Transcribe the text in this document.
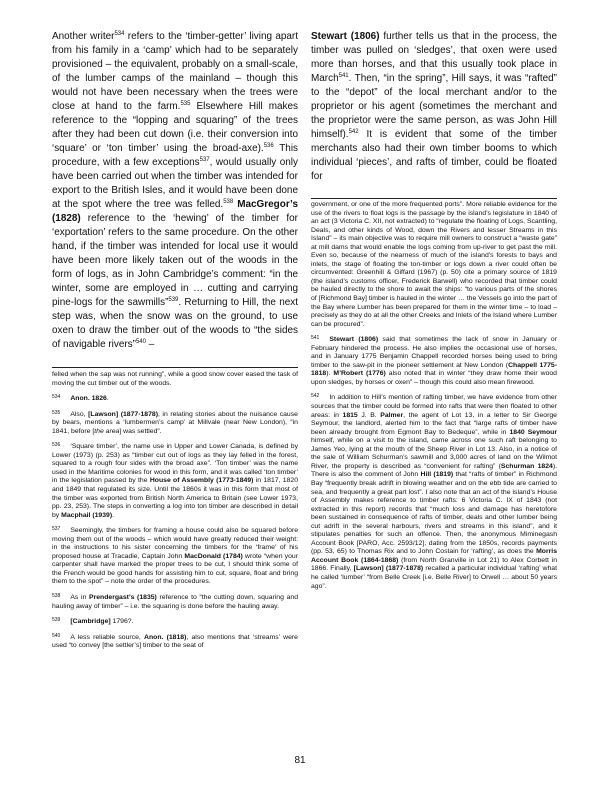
Another writer$^{534}$ refers to the ‘timber-getter’ living apart from his family in a ‘camp’ which had to be separately provisioned – the equivalent, probably on a small-scale, of the lumber camps of the mainland – though this would not have been necessary when the trees were close at hand to the farm.$^{535}$ Elsewhere Hill makes reference to the “lopping and squaring” of the trees after they had been cut down (i.e. their conversion into ‘square’ or ‘ton timber’ using the broad-axe).$^{536}$ This procedure, with a few exceptions$^{537}$, would usually only have been carried out when the timber was intended for export to the British Isles, and it would have been done at the spot where the tree was felled.$^{538}$ MacGregor’s (1828) reference to the ‘hewing’ of the timber for ‘exportation’ refers to the same procedure. On the other hand, if the timber was intended for local use it would have been more likely taken out of the woods in the form of logs, as in John Cambridge’s comment: “in the winter, some are employed in … cutting and carrying pine-logs for the sawmills”$^{539}$. Returning to Hill, the next step was, when the snow was on the ground, to use oxen to draw the timber out of the woods to “the sides of navigable rivers”$^{540}$ –

felled when the sap was not running”, while a good snow cover eased the task of moving the cut timber out of the woods.

$^{534}$ Anon. 1826.

$^{535}$ Also, [Lawson] (1877-1878), in relating stories about the nuisance cause by bears, mentions a ‘lumbermen’s camp’ at Millvale (near New London), “in 1841, before [the area] was settled”.

$^{536}$ ‘Square timber’, the name use in Upper and Lower Canada, is defined by Lower (1973) (p. 253) as “timber cut out of logs as they lay felled in the forest, squared to a rough four sides with the broad axe”. ‘Ton timber’ was the name used in the Maritime colonies for wood in this form, and it was called ‘ton timber’ in the legislation passed by the House of Assembly (1773-1849) in 1817, 1820 and 1849 that regulated its size. Until the 1860s it was in this form that most of the timber was exported from British North America to Britain (see Lower 1973, pp. 23, 253). The steps in converting a log into ton timber are described in detail by Macphail (1939).

$^{537}$ Seemingly, the timbers for framing a house could also be squared before moving them out of the woods – which would have greatly reduced their weight: in the instructions to his sister concerning the timbers for the ‘frame’ of his proposed house at Tracadie, Captain John MacDonald (1784) wrote “when your carpenter shall have marked the proper trees to be cut, I should think some of the French would be good hands for assisting him to cut, square, float and bring them to the spot” – note the order of the procedures.

$^{538}$ As in Prendergast’s (1835) reference to “the cutting down, squaring and hauling away of timber” – i.e. the squaring is done before the hauling away.

$^{539}$ [Cambridge] 1796?.

$^{540}$ A less reliable source, Anon. (1818), also mentions that ‘streams’ were used “to convey [the settler’s] timber to the seat of

Stewart (1806) further tells us that in the process, the timber was pulled on ‘sledges’, that oxen were used more than horses, and that this usually took place in March$^{541}$. Then, “in the spring”, Hill says, it was “rafted” to the “depot” of the local merchant and/or to the proprietor or his agent (sometimes the merchant and the proprietor were the same person, as was John Hill himself).$^{542}$ It is evident that some of the timber merchants also had their own timber booms to which individual ‘pieces’, and rafts of timber, could be floated for

government, or one of the more frequented ports”. More reliable evidence for the use of the rivers to float logs is the passage by the island’s legislature in 1840 of an act (3 Victoria C. XII, not extracted) to “regulate the floating of Logs, Scantling, Deals, and other kinds of Wood, down the Rivers and lesser Streams in this Island” – its main objective was to require mill owners to construct a “waste gate” at mill dams that would enable the logs coming from up-river to get past the mill. Even so, because of the nearness of much of the island’s forests to bays and inlets, the stage of floating the ton-timber or logs down a river could often be circumvented: Greenhill & Giffard (1967) (p. 50) cite a primary source of 1819 (the island’s customs officer, Frederick Barwell) who recorded that timber could be hauled directly to the shore to await the ships: “to various parts of the shores of [Richmond Bay] timber is hauled in the winter … the Vessels go into the part of the Bay where Lumber has been prepared for them in the winter time – to load – precisely as they do at all the other Creeks and Inlets of the Island where Lumber can be procured”.

$^{541}$ Stewart (1806) said that sometimes the lack of snow in January or February hindered the process. He also implies the occasional use of horses, and in January 1775 Benjamin Chappell recorded horses being used to bring timber to the saw-pit in the pioneer settlement at New London (Chappell 1775-1818). M’Robert (1776) also noted that in winter “they draw home their wood upon sledges, by horses or oxen” – though this could also mean firewood.

$^{542}$ In addition to Hill’s mention of rafting timber, we have evidence from other sources that the timber could be formed into rafts that were then floated to other areas: in 1815 J. B. Palmer, the agent of Lot 13, in a letter to Sir George Seymour, the landlord, alerted him to the fact that “large rafts of timber have been already brought from Egmont Bay to Bedeque”, while in 1840 Seymour himself, while on a visit to the island, came across one such raft belonging to James Yeo, lying at the mouth of the Sheep River in Lot 13. Also, in a notice of the sale of William Schurman’s sawmill and 3,000 acres of land on the Wilmot River, the property is described as “convenient for rafting” (Schurman 1824). There is also the comment of John Hill (1819) that “rafts of timber” in Richmond Bay “frequently break adrift in blowing weather and on the ebb tide are carried to sea, and frequently a great part lost”. I also note that an act of the island’s House of Assembly makes reference to timber rafts: 6 Victoria C. IX of 1843 (not extracted in this report) records that “much loss and damage has heretofore been sustained in consequence of rafts of timber, deals and other lumber being cut adrift in the several harbours, rivers and streams in this island”, and it stipulates penalties for such an offence. Then, the anonymous Miminegash Account Book [PARO, Acc. 2593/12], dating from the 1850s, records payments (pp. 53, 65) to Thomas Rix and to John Costain for ‘rafting’, as does the Morris Account Book (1864-1868) (from North Granville in Lot 21) to Alex Corbett in 1866. Finally, [Lawson] (1877-1878) recalled a particular individual ‘rafting’ what he called ‘lumber’ “from Belle Creek [i.e. Belle River] to Orwell … about 50 years ago”.

81
